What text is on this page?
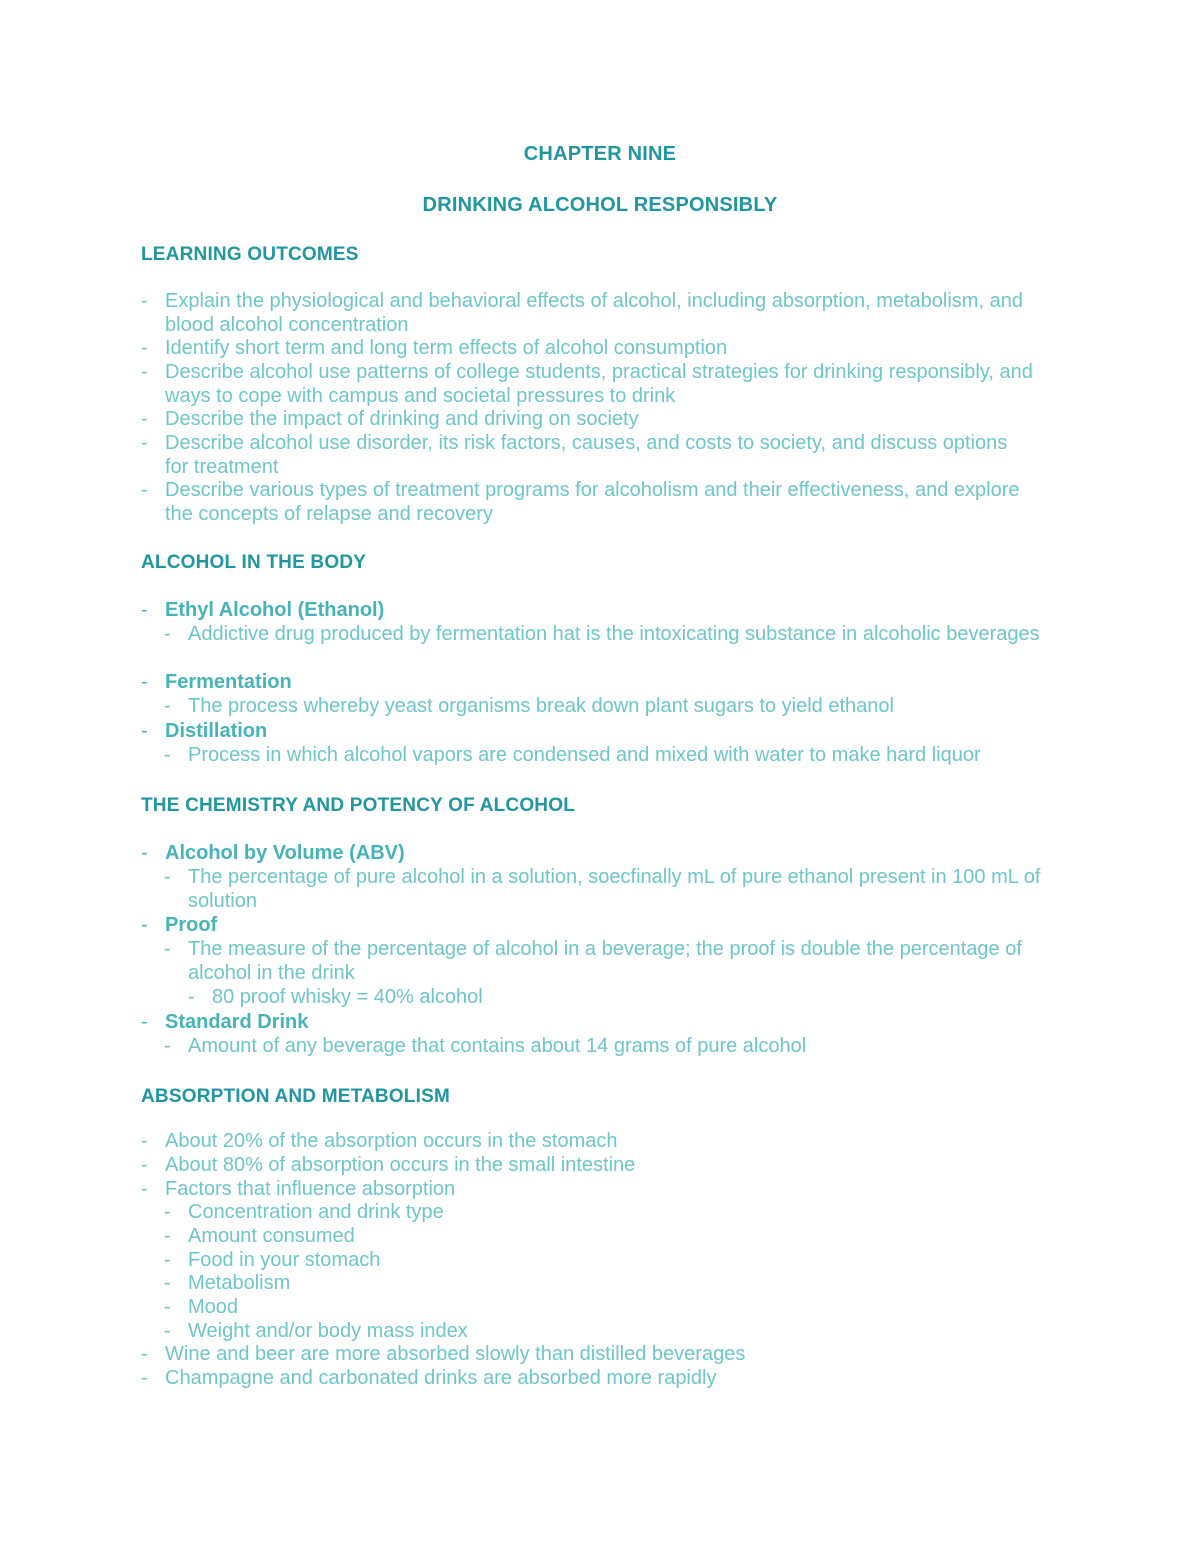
CHAPTER NINE
DRINKING ALCOHOL RESPONSIBLY
LEARNING OUTCOMES
- Explain the physiological and behavioral effects of alcohol, including absorption, metabolism, and blood alcohol concentration
- Identify short term and long term effects of alcohol consumption
- Describe alcohol use patterns of college students, practical strategies for drinking responsibly, and ways to cope with campus and societal pressures to drink
- Describe the impact of drinking and driving on society
- Describe alcohol use disorder, its risk factors, causes, and costs to society, and discuss options for treatment
- Describe various types of treatment programs for alcoholism and their effectiveness, and explore the concepts of relapse and recovery
ALCOHOL IN THE BODY
- Ethyl Alcohol (Ethanol)
- Addictive drug produced by fermentation hat is the intoxicating substance in alcoholic beverages
- Fermentation
- The process whereby yeast organisms break down plant sugars to yield ethanol
- Distillation
- Process in which alcohol vapors are condensed and mixed with water to make hard liquor
THE CHEMISTRY AND POTENCY OF ALCOHOL
- Alcohol by Volume (ABV)
- The percentage of pure alcohol in a solution, soecfinally mL of pure ethanol present in 100 mL of solution
- Proof
- The measure of the percentage of alcohol in a beverage; the proof is double the percentage of alcohol in the drink
- 80 proof whisky = 40% alcohol
- Standard Drink
- Amount of any beverage that contains about 14 grams of pure alcohol
ABSORPTION AND METABOLISM
- About 20% of the absorption occurs in the stomach
- About 80% of absorption occurs in the small intestine
- Factors that influence absorption
- Concentration and drink type
- Amount consumed
- Food in your stomach
- Metabolism
- Mood
- Weight and/or body mass index
- Wine and beer are more absorbed slowly than distilled beverages
- Champagne and carbonated drinks are absorbed more rapidly
